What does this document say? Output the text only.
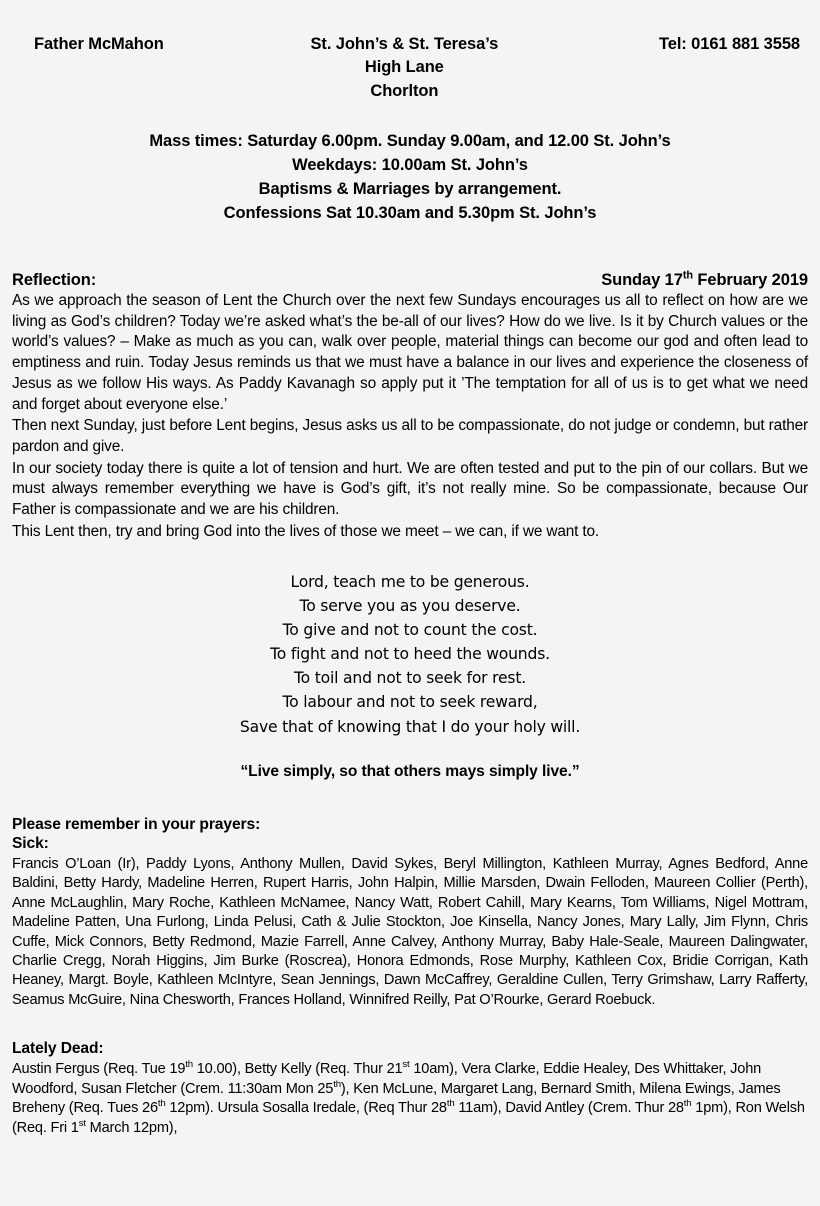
Father McMahon	St. John’s & St. Teresa’s
High Lane
Chorlton
Tel: 0161 881 3558
Mass times: Saturday 6.00pm. Sunday 9.00am, and 12.00 St. John’s
Weekdays: 10.00am St. John’s
Baptisms & Marriages by arrangement.
Confessions Sat 10.30am and 5.30pm St. John’s
Reflection:	Sunday 17th February 2019

As we approach the season of Lent the Church over the next few Sundays encourages us all to reflect on how are we living as God’s children? Today we’re asked what’s the be-all of our lives? How do we live. Is it by Church values or the world’s values? – Make as much as you can, walk over people, material things can become our god and often lead to emptiness and ruin. Today Jesus reminds us that we must have a balance in our lives and experience the closeness of Jesus as we follow His ways. As Paddy Kavanagh so apply put it ’The temptation for all of us is to get what we need and forget about everyone else.’

Then next Sunday, just before Lent begins, Jesus asks us all to be compassionate, do not judge or condemn, but rather pardon and give.

In our society today there is quite a lot of tension and hurt. We are often tested and put to the pin of our collars. But we must always remember everything we have is God’s gift, it’s not really mine. So be compassionate, because Our Father is compassionate and we are his children.

This Lent then, try and bring God into the lives of those we meet – we can, if we want to.

Lord, teach me to be generous.
To serve you as you deserve.
To give and not to count the cost.
To fight and not to heed the wounds.
To toil and not to seek for rest.
To labour and not to seek reward,
Save that of knowing that I do your holy will.
“Live simply, so that others mays simply live.”
Please remember in your prayers:
Sick:
Francis O’Loan (Ir), Paddy Lyons, Anthony Mullen, David Sykes, Beryl Millington, Kathleen Murray, Agnes Bedford, Anne Baldini, Betty Hardy, Madeline Herren, Rupert Harris, John Halpin, Millie Marsden, Dwain Felloden, Maureen Collier (Perth), Anne McLaughlin, Mary Roche, Kathleen McNamee, Nancy Watt, Robert Cahill, Mary Kearns, Tom Williams, Nigel Mottram, Madeline Patten, Una Furlong, Linda Pelusi, Cath & Julie Stockton, Joe Kinsella, Nancy Jones, Mary Lally, Jim Flynn, Chris Cuffe, Mick Connors, Betty Redmond, Mazie Farrell, Anne Calvey, Anthony Murray, Baby Hale-Seale, Maureen Dalingwater, Charlie Cregg, Norah Higgins, Jim Burke (Roscrea), Honora Edmonds, Rose Murphy, Kathleen Cox, Bridie Corrigan, Kath Heaney, Margt. Boyle, Kathleen McIntyre, Sean Jennings, Dawn McCaffrey, Geraldine Cullen, Terry Grimshaw, Larry Rafferty, Seamus McGuire, Nina Chesworth, Frances Holland, Winnifred Reilly, Pat O’Rourke, Gerard Roebuck.
Lately Dead:
Austin Fergus (Req. Tue 19th 10.00), Betty Kelly (Req. Thur 21st 10am), Vera Clarke, Eddie Healey, Des Whittaker, John Woodford, Susan Fletcher (Crem. 11:30am Mon 25th), Ken McLune, Margaret Lang, Bernard Smith, Milena Ewings, James Breheny (Req. Tues 26th 12pm). Ursula Sosalla Iredale, (Req Thur 28th 11am), David Antley (Crem. Thur 28th 1pm), Ron Welsh (Req. Fri 1st March 12pm),
